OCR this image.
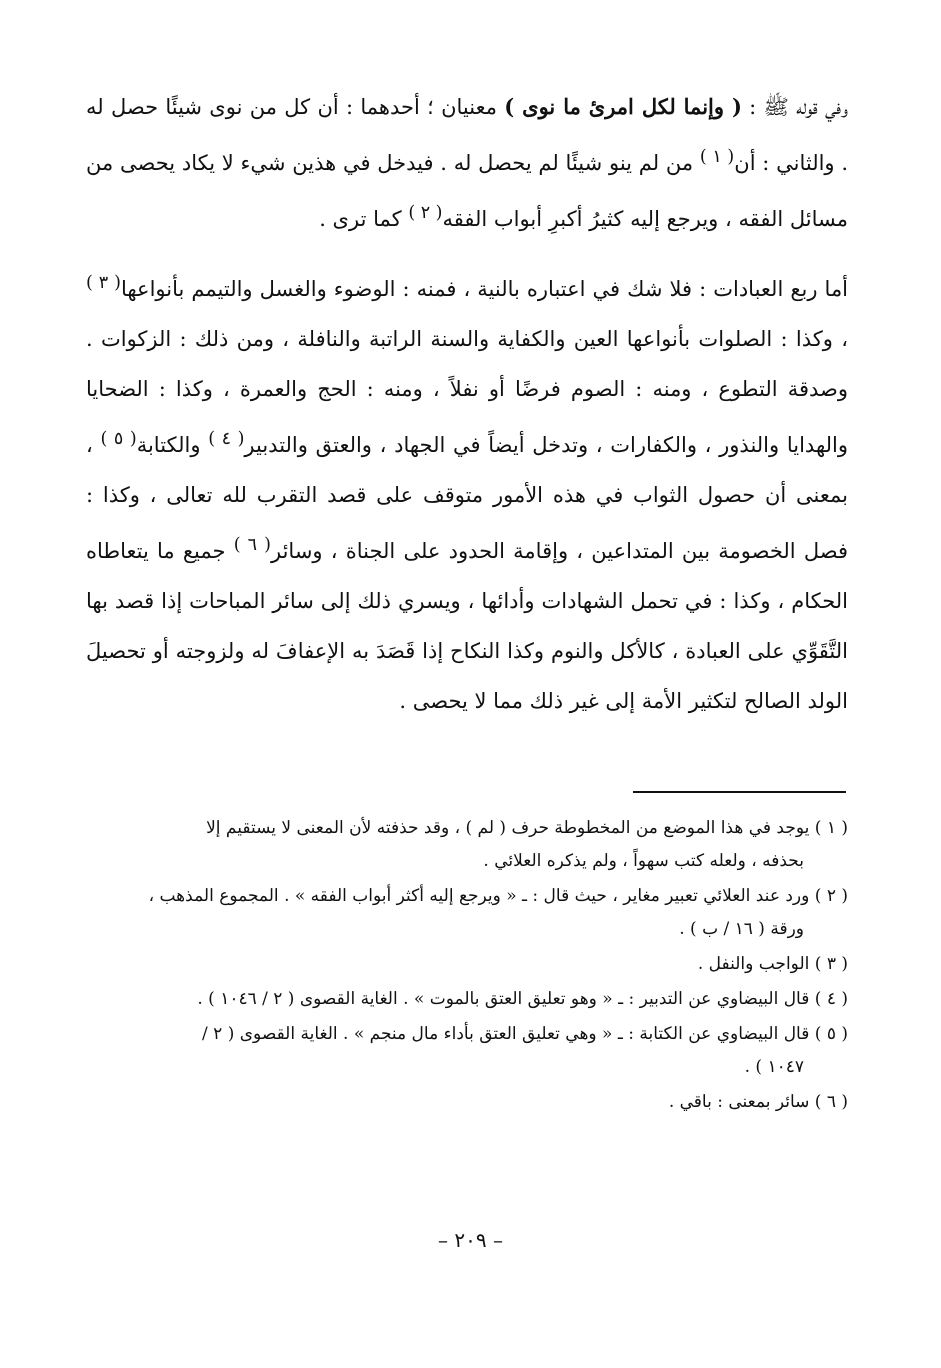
وفي قوله ﷺ : ( وإنما لكل امرئ ما نوى ) معنيان ؛ أحدهما : أن كل من نوى شيئًا حصل له . والثاني : أن$^{( ١ )}$ من لم ينو شيئًا لم يحصل له . فيدخل في هذين شيء لا يكاد يحصى من مسائل الفقه ، ويرجع إليه كثيرُ أكبرِ أبواب الفقه$^{( ٢ )}$ كما ترى .

أما ربع العبادات : فلا شك في اعتباره بالنية ، فمنه : الوضوء والغسل والتيمم بأنواعها$^{( ٣ )}$ ، وكذا : الصلوات بأنواعها العين والكفاية والسنة الراتبة والنافلة ، ومن ذلك : الزكوات . وصدقة التطوع ، ومنه : الصوم فرضًا أو نفلاً ، ومنه : الحج والعمرة ، وكذا : الضحايا والهدايا والنذور ، والكفارات ، وتدخل أيضاً في الجهاد ، والعتق والتدبير$^{( ٤ )}$ والكتابة$^{( ٥ )}$ ، بمعنى أن حصول الثواب في هذه الأمور متوقف على قصد التقرب لله تعالى ، وكذا : فصل الخصومة بين المتداعين ، وإقامة الحدود على الجناة ، وسائر$^{( ٦ )}$ جميع ما يتعاطاه الحكام ، وكذا : في تحمل الشهادات وأدائها ، ويسري ذلك إلى سائر المباحات إذا قصد بها التَّقَوِّي على العبادة ، كالأكل والنوم وكذا النكاح إذا قَصَدَ به الإعفافَ له ولزوجته أو تحصيلَ الولد الصالح لتكثير الأمة إلى غير ذلك مما لا يحصى .

( ١ ) يوجد في هذا الموضع من المخطوطة حرف ( لم ) ، وقد حذفته لأن المعنى لا يستقيم إلا
بحذفه ، ولعله كتب سهواً ، ولم يذكره العلائي .
( ٢ ) ورد عند العلائي تعبير مغاير ، حيث قال : ـ « ويرجع إليه أكثر أبواب الفقه » . المجموع المذهب ،
ورقة ( ١٦ / ب ) .
( ٣ ) الواجب والنفل .
( ٤ ) قال البيضاوي عن التدبير : ـ « وهو تعليق العتق بالموت » . الغاية القصوى ( ٢ / ١٠٤٦ ) .
( ٥ ) قال البيضاوي عن الكتابة : ـ « وهي تعليق العتق بأداء مال منجم » . الغاية القصوى ( ٢ /
١٠٤٧ ) .
( ٦ ) سائر بمعنى : باقي .
– ٢٠٩ –
